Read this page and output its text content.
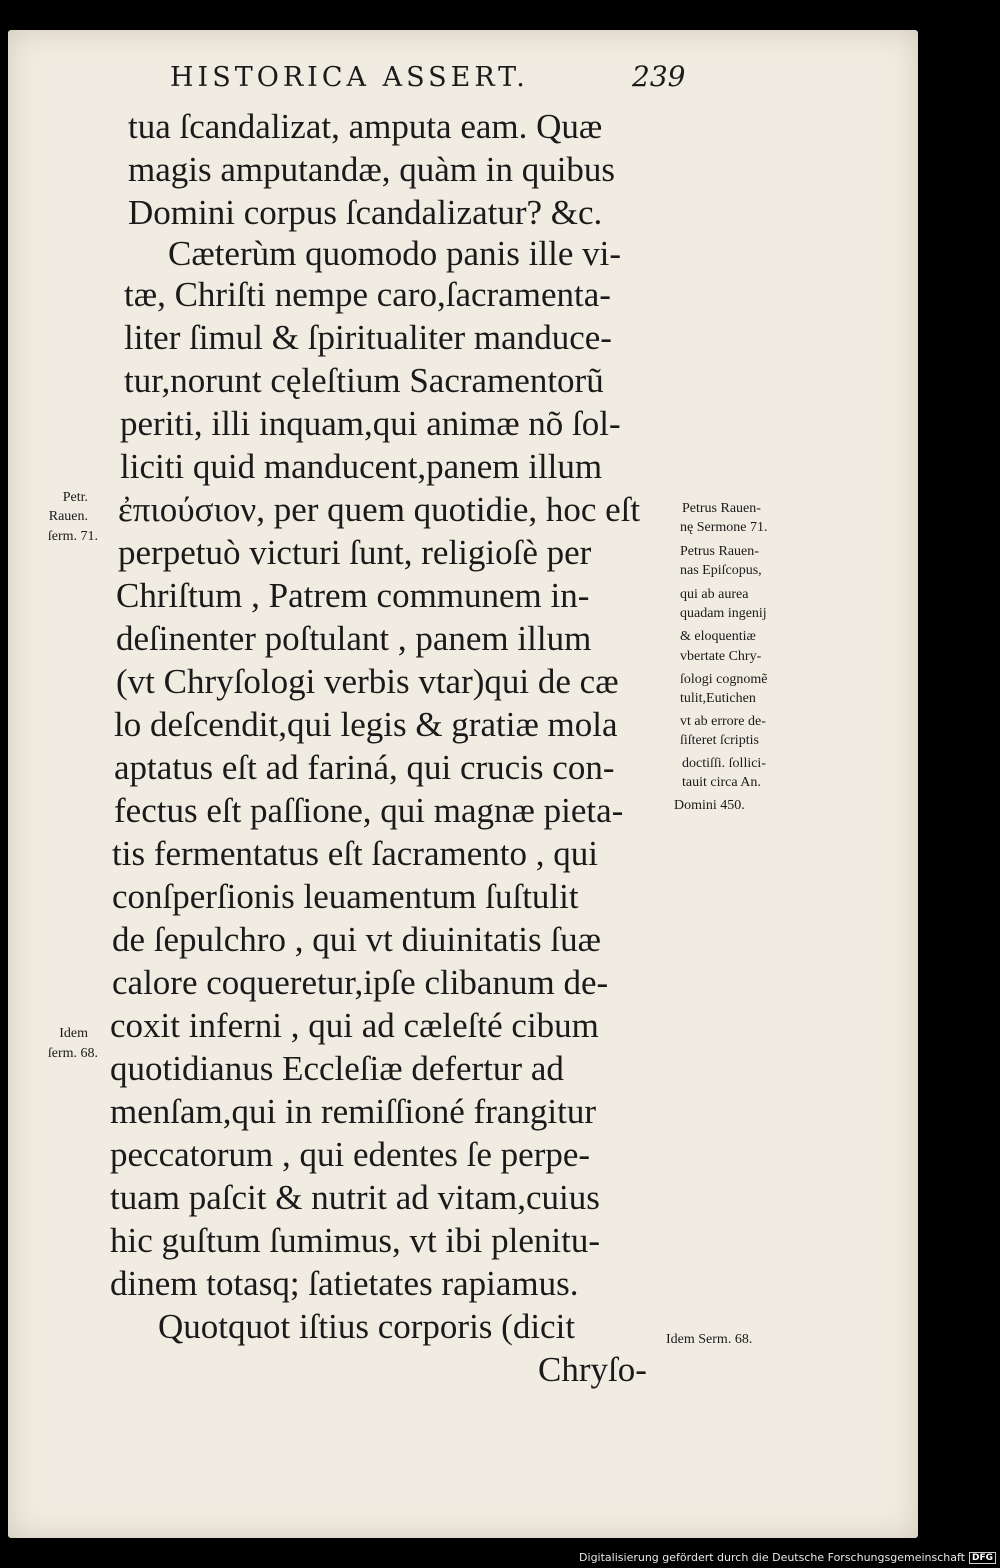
HISTORICA ASSERT.	239
tua ſcandalizat, amputa eam. Quæ
magis amputandæ, quàm in quibus
Domini corpus ſcandalizatur? &c.
Cæterùm quomodo panis ille vi-
tæ, Chriſti nempe caro,ſacramenta-
liter ſimul & ſpiritualiter manduce-
tur,norunt cęleſtium Sacramentorũ
periti, illi inquam,qui animæ nõ ſol-
liciti quid manducent,panem illum
ἐπιούσιον, per quem quotidie, hoc eſt
perpetuò victuri ſunt, religioſè per
Chriſtum , Patrem communem in-
deſinenter poſtulant , panem illum
(vt Chryſologi verbis vtar)qui de cæ
lo deſcendit,qui legis & gratiæ mola
aptatus eſt ad fariná, qui crucis con-
fectus eſt paſſione, qui magnæ pieta-
tis fermentatus eſt ſacramento , qui
conſperſionis leuamentum ſuſtulit
de ſepulchro , qui vt diuinitatis ſuæ
calore coqueretur,ipſe clibanum de-
coxit inferni , qui ad cæleſté cibum
quotidianus Eccleſiæ defertur ad
menſam,qui in remiſſioné frangitur
peccatorum , qui edentes ſe perpe-
tuam paſcit & nutrit ad vitam,cuius
hic guſtum ſumimus, vt ibi plenitu-
dinem totasq; ſatietates rapiamus.
Quotquot iſtius corporis (dicit
Chryſo-
Petr.
Rauen.
ſerm. 71.
Idem
ſerm. 68.
Petrus Rauen-
nę Sermone 71.
Petrus Rauen-
nas Epiſcopus,
qui ab aurea
quadam ingenij
& eloquentiæ
vbertate Chry-
ſologi cognomẽ
tulit,Eutichen
vt ab errore de-
ſiſteret ſcriptis
doctiſſi. ſollici-
tauit circa An.
Domini 450.
Idem Serm. 68.
Digitalisierung gefördert durch die Deutsche Forschungsgemeinschaft DFG
